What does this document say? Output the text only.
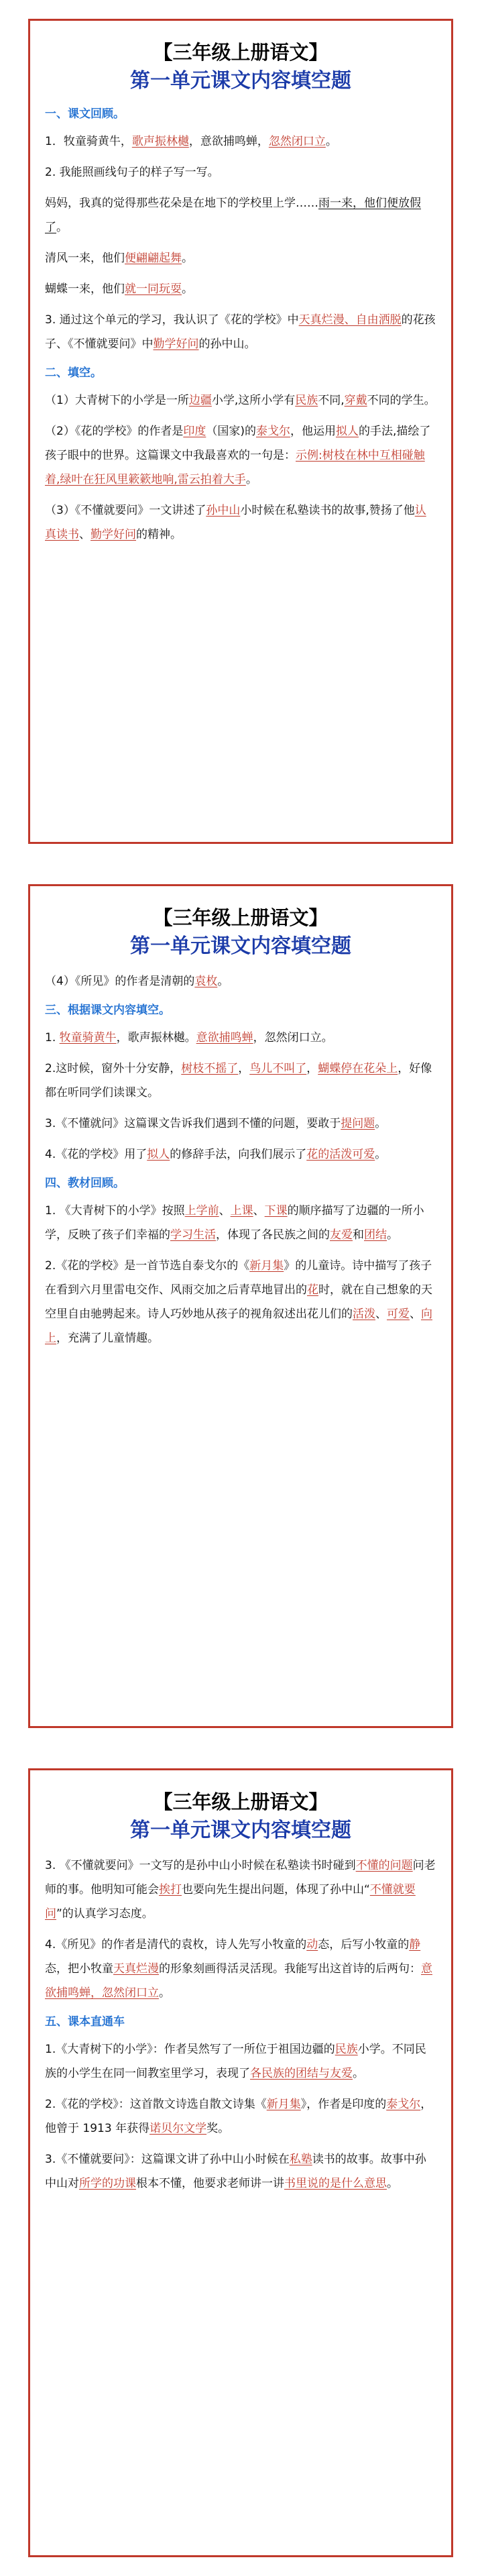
【三年级上册语文】
第一单元课文内容填空题
一、课文回顾。

1．牧童骑黄牛，歌声振林樾，意欲捕鸣蝉，忽然闭口立。

2. 我能照画线句子的样子写一写。

妈妈，我真的觉得那些花朵是在地下的学校里上学……雨一来，他们便放假了。

清风一来，他们便翩翩起舞。

蝴蝶一来，他们就一同玩耍。

3. 通过这个单元的学习，我认识了《花的学校》中天真烂漫、自由洒脱的花孩子、《不懂就要问》中勤学好问的孙中山。

二、填空。

（1）大青树下的小学是一所边疆小学,这所小学有民族不同,穿戴不同的学生。

（2）《花的学校》的作者是印度（国家)的泰戈尔，他运用拟人的手法,描绘了孩子眼中的世界。这篇课文中我最喜欢的一句是：示例:树枝在林中互相碰触着,绿叶在狂风里簌簌地响,雷云拍着大手。

（3）《不懂就要问》一文讲述了孙中山小时候在私塾读书的故事,赞扬了他认真读书、勤学好问的精神。

【三年级上册语文】
第一单元课文内容填空题

（4）《所见》的作者是清朝的袁枚。

三、根据课文内容填空。

1. 牧童骑黄牛，歌声振林樾。意欲捕鸣蝉，忽然闭口立。

2.这时候，窗外十分安静，树枝不摇了，鸟儿不叫了，蝴蝶停在花朵上，好像都在听同学们读课文。

3.《不懂就问》这篇课文告诉我们遇到不懂的问题，要敢于提问题。

4.《花的学校》用了拟人的修辞手法，向我们展示了花的活泼可爱。

四、教材回顾。

1. 《大青树下的小学》按照上学前、上课、下课的顺序描写了边疆的一所小学，反映了孩子们幸福的学习生活，体现了各民族之间的友爱和团结。

2.《花的学校》是一首节选自泰戈尔的《新月集》的儿童诗。诗中描写了孩子在看到六月里雷电交作、风雨交加之后青草地冒出的花时，就在自己想象的天空里自由驰骋起来。诗人巧妙地从孩子的视角叙述出花儿们的活泼、可爱、向上，充满了儿童情趣。

【三年级上册语文】
第一单元课文内容填空题

3. 《不懂就要问》一文写的是孙中山小时候在私塾读书时碰到不懂的问题问老师的事。他明知可能会挨打也要向先生提出问题，体现了孙中山“不懂就要问”的认真学习态度。

4.《所见》的作者是清代的袁枚，诗人先写小牧童的动态，后写小牧童的静态，把小牧童天真烂漫的形象刻画得活灵活现。我能写出这首诗的后两句：意欲捕鸣蝉，忽然闭口立。

五、课本直通车

1.《大青树下的小学》：作者吴然写了一所位于祖国边疆的民族小学。不同民族的小学生在同一间教室里学习，表现了各民族的团结与友爱。

2.《花的学校》：这首散文诗选自散文诗集《新月集》，作者是印度的泰戈尔，他曾于 1913 年获得诺贝尔文学奖。

3.《不懂就要问》：这篇课文讲了孙中山小时候在私塾读书的故事。故事中孙中山对所学的功课根本不懂，他要求老师讲一讲书里说的是什么意思。
